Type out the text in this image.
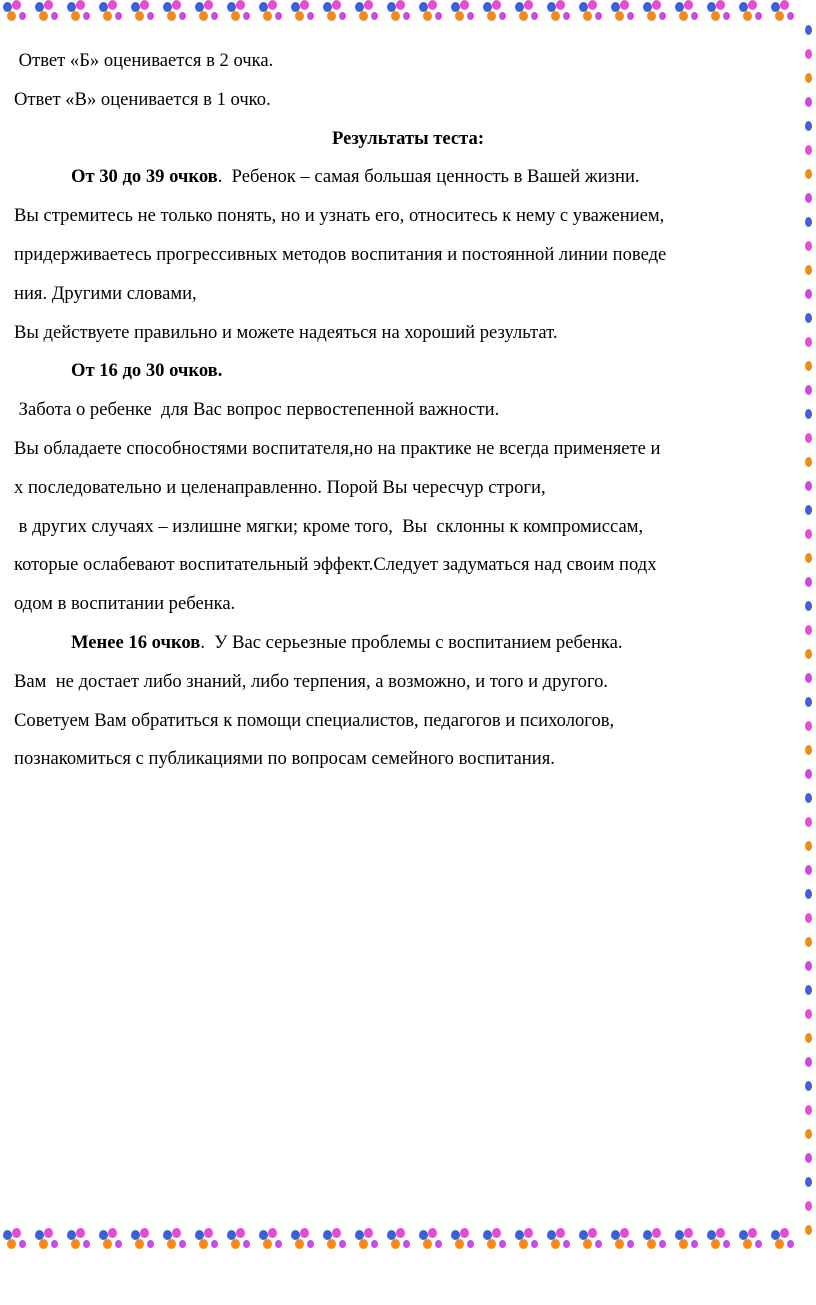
Ответ «Б» оценивается в 2 очка.
Ответ «В» оценивается в 1 очко.
Результаты теста:
От 30 до 39 очков.  Ребенок – самая большая ценность в Вашей жизни.
Вы стремитесь не только понять, но и узнать его, относитесь к нему с уважением,
придерживаетесь прогрессивных методов воспитания и постоянной линии поведе
ния. Другими словами,
Вы действуете правильно и можете надеяться на хороший результат.
От 16 до 30 очков.
Забота о ребенке  для Вас вопрос первостепенной важности.
Вы обладаете способностями воспитателя,но на практике не всегда применяете и
х последовательно и целенаправленно. Порой Вы чересчур строги,
в других случаях – излишне мягки; кроме того,  Вы  склонны к компромиссам,
которые ослабевают воспитательный эффект.Следует задуматься над своим подх
одом в воспитании ребенка.
Менее 16 очков.  У Вас серьезные проблемы с воспитанием ребенка.
Вам  не достает либо знаний, либо терпения, а возможно, и того и другого.
Советуем Вам обратиться к помощи специалистов, педагогов и психологов,
познакомиться с публикациями по вопросам семейного воспитания.
